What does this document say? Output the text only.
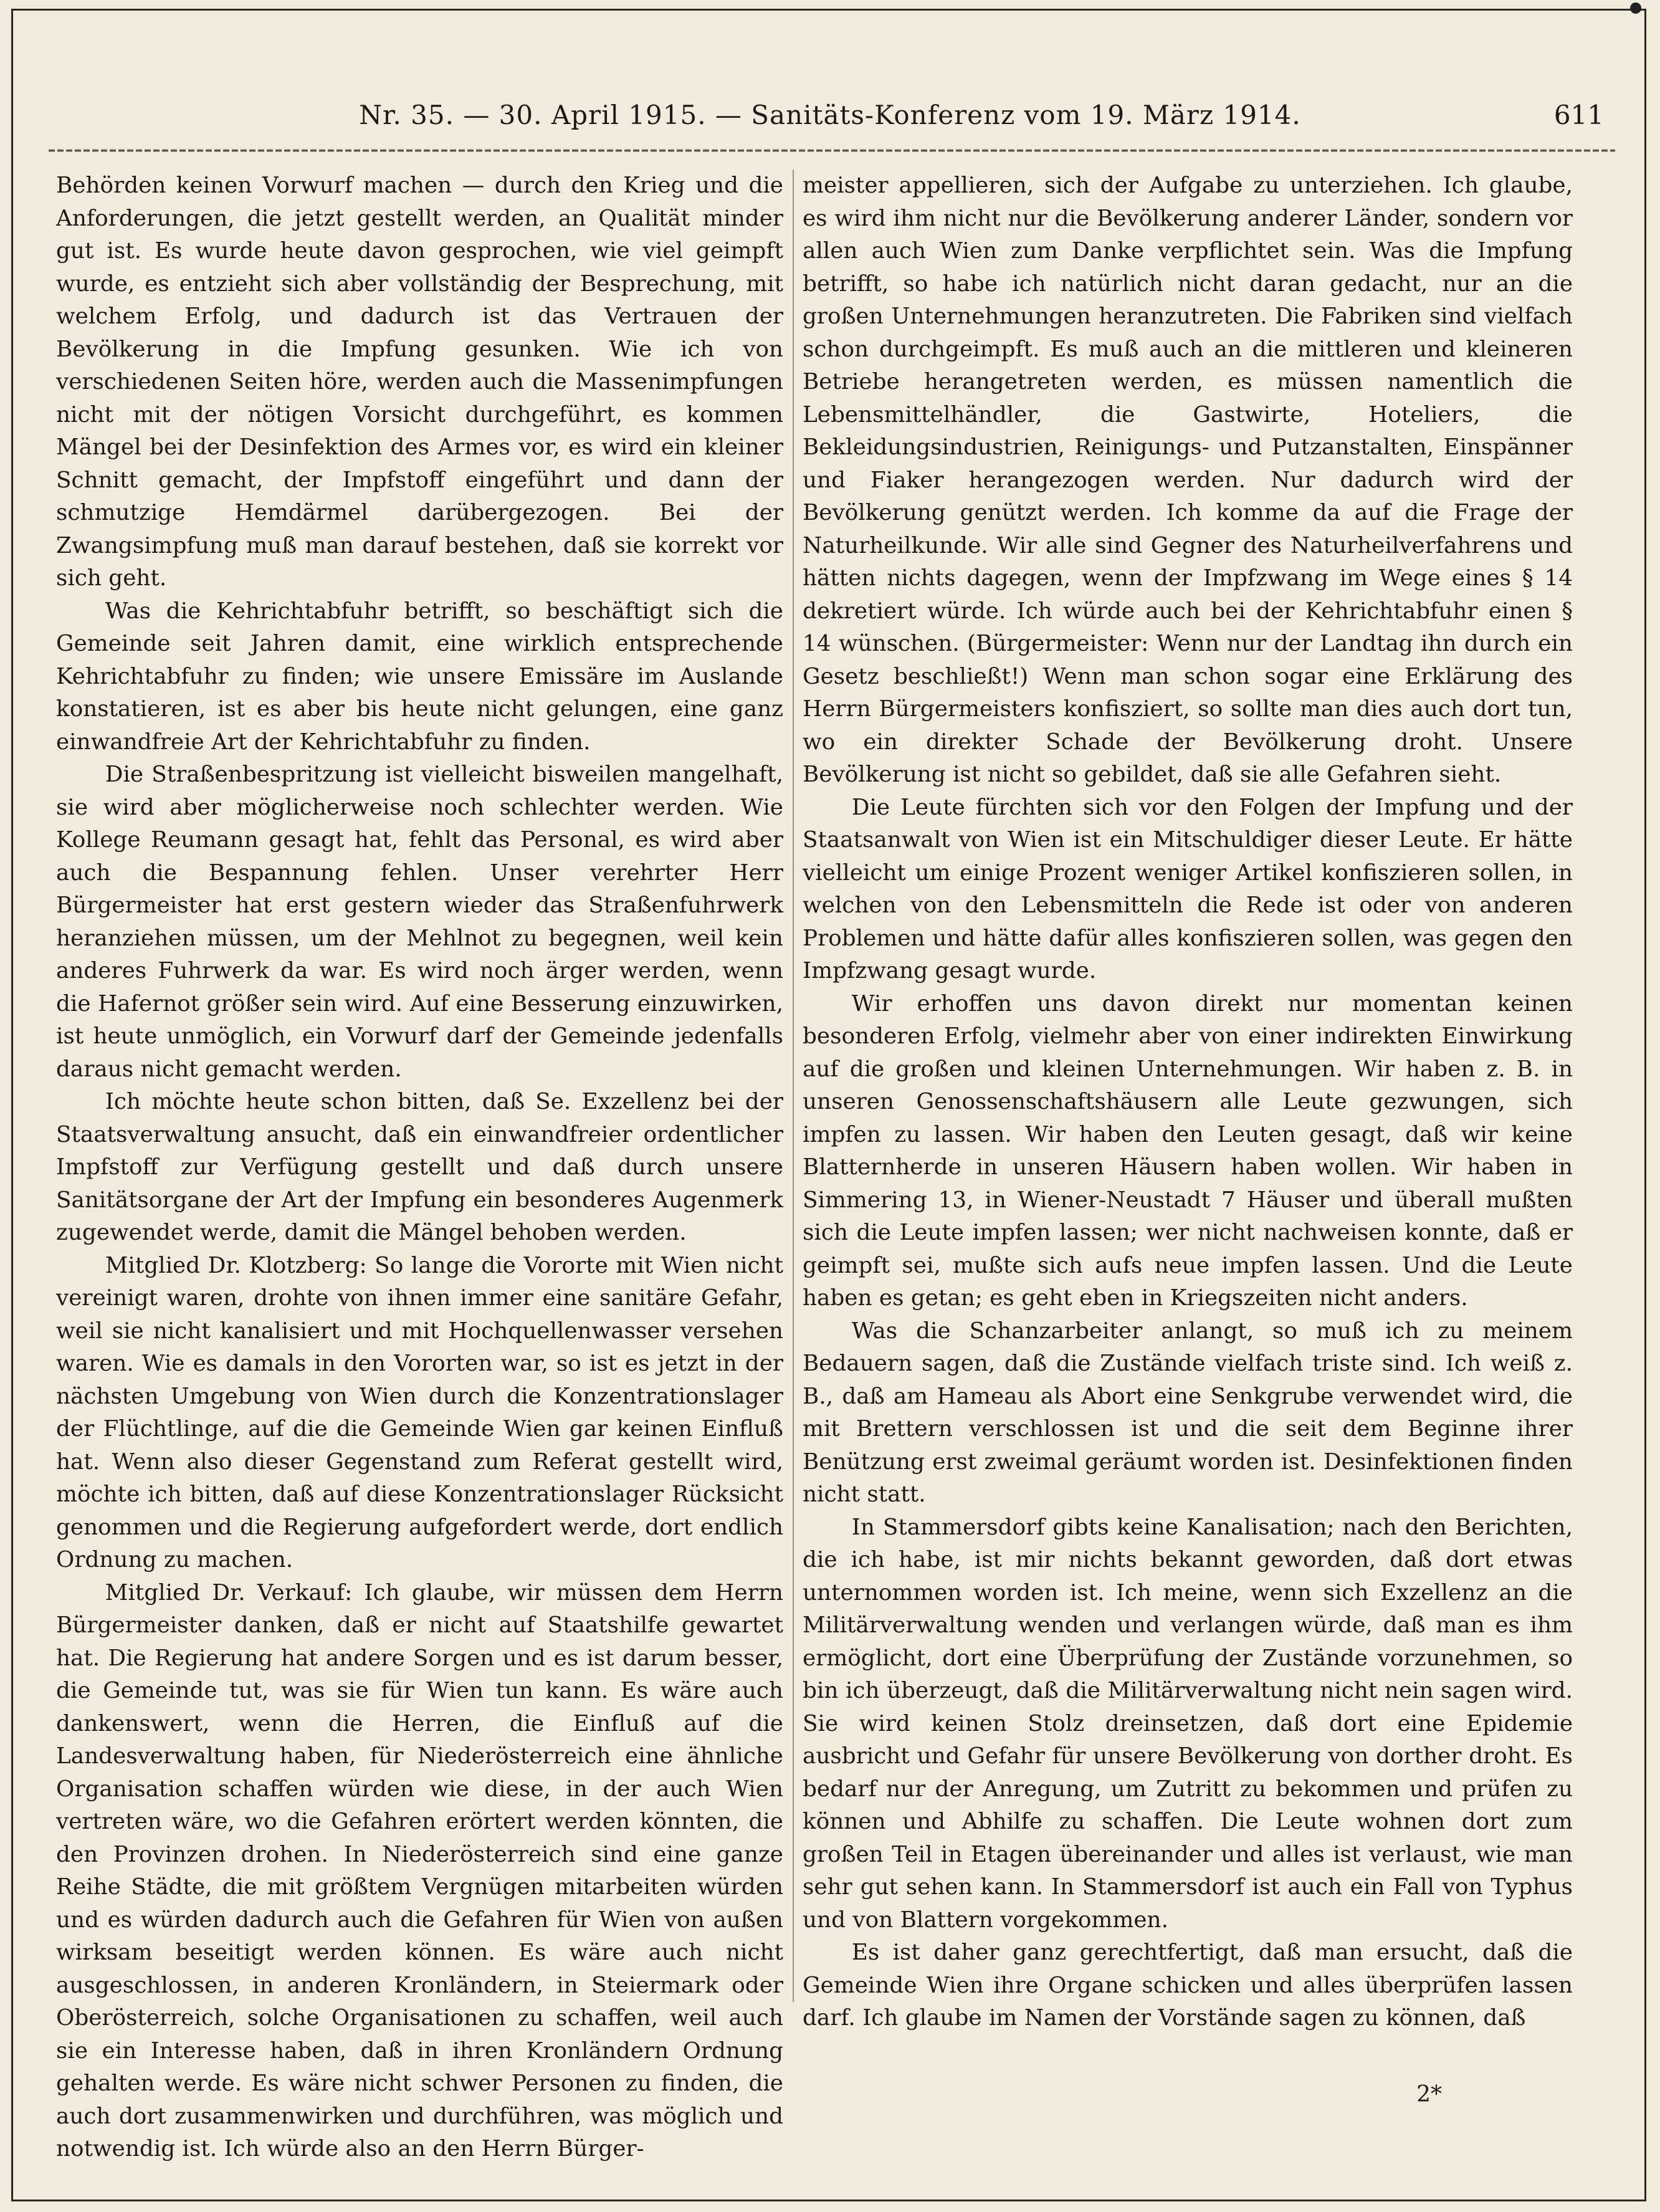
Nr. 35. — 30. April 1915. — Sanitäts-Konferenz vom 19. März 1914.	611

Behörden keinen Vorwurf machen — durch den Krieg und die Anforderungen, die jetzt gestellt werden, an Qualität minder gut ist. Es wurde heute davon gesprochen, wie viel geimpft wurde, es entzieht sich aber vollständig der Besprechung, mit welchem Erfolg, und dadurch ist das Vertrauen der Bevölkerung in die Impfung gesunken. Wie ich von verschiedenen Seiten höre, werden auch die Massenimpfungen nicht mit der nötigen Vorsicht durchgeführt, es kommen Mängel bei der Desinfektion des Armes vor, es wird ein kleiner Schnitt gemacht, der Impfstoff eingeführt und dann der schmutzige Hemdärmel darübergezogen. Bei der Zwangsimpfung muß man darauf bestehen, daß sie korrekt vor sich geht.

Was die Kehrichtabfuhr betrifft, so beschäftigt sich die Gemeinde seit Jahren damit, eine wirklich entsprechende Kehrichtabfuhr zu finden; wie unsere Emissäre im Auslande konstatieren, ist es aber bis heute nicht gelungen, eine ganz einwandfreie Art der Kehrichtabfuhr zu finden.

Die Straßenbespritzung ist vielleicht bisweilen mangelhaft, sie wird aber möglicherweise noch schlechter werden. Wie Kollege Reumann gesagt hat, fehlt das Personal, es wird aber auch die Bespannung fehlen. Unser verehrter Herr Bürgermeister hat erst gestern wieder das Straßenfuhrwerk heranziehen müssen, um der Mehlnot zu begegnen, weil kein anderes Fuhrwerk da war. Es wird noch ärger werden, wenn die Hafernot größer sein wird. Auf eine Besserung einzuwirken, ist heute unmöglich, ein Vorwurf darf der Gemeinde jedenfalls daraus nicht gemacht werden.

Ich möchte heute schon bitten, daß Se. Exzellenz bei der Staatsverwaltung ansucht, daß ein einwandfreier ordentlicher Impfstoff zur Verfügung gestellt und daß durch unsere Sanitätsorgane der Art der Impfung ein besonderes Augenmerk zugewendet werde, damit die Mängel behoben werden.

Mitglied Dr. Klotzberg: So lange die Vororte mit Wien nicht vereinigt waren, drohte von ihnen immer eine sanitäre Gefahr, weil sie nicht kanalisiert und mit Hochquellenwasser versehen waren. Wie es damals in den Vororten war, so ist es jetzt in der nächsten Umgebung von Wien durch die Konzentrationslager der Flüchtlinge, auf die die Gemeinde Wien gar keinen Einfluß hat. Wenn also dieser Gegenstand zum Referat gestellt wird, möchte ich bitten, daß auf diese Konzentrationslager Rücksicht genommen und die Regierung aufgefordert werde, dort endlich Ordnung zu machen.

Mitglied Dr. Verkauf: Ich glaube, wir müssen dem Herrn Bürgermeister danken, daß er nicht auf Staatshilfe gewartet hat. Die Regierung hat andere Sorgen und es ist darum besser, die Gemeinde tut, was sie für Wien tun kann. Es wäre auch dankenswert, wenn die Herren, die Einfluß auf die Landesverwaltung haben, für Niederösterreich eine ähnliche Organisation schaffen würden wie diese, in der auch Wien vertreten wäre, wo die Gefahren erörtert werden könnten, die den Provinzen drohen. In Niederösterreich sind eine ganze Reihe Städte, die mit größtem Vergnügen mitarbeiten würden und es würden dadurch auch die Gefahren für Wien von außen wirksam beseitigt werden können. Es wäre auch nicht ausgeschlossen, in anderen Kronländern, in Steiermark oder Oberösterreich, solche Organisationen zu schaffen, weil auch sie ein Interesse haben, daß in ihren Kronländern Ordnung gehalten werde. Es wäre nicht schwer Personen zu finden, die auch dort zusammenwirken und durchführen, was möglich und notwendig ist. Ich würde also an den Herrn Bürger-

meister appellieren, sich der Aufgabe zu unterziehen. Ich glaube, es wird ihm nicht nur die Bevölkerung anderer Länder, sondern vor allen auch Wien zum Danke verpflichtet sein. Was die Impfung betrifft, so habe ich natürlich nicht daran gedacht, nur an die großen Unternehmungen heranzutreten. Die Fabriken sind vielfach schon durchgeimpft. Es muß auch an die mittleren und kleineren Betriebe herangetreten werden, es müssen namentlich die Lebensmittelhändler, die Gastwirte, Hoteliers, die Bekleidungsindustrien, Reinigungs- und Putzanstalten, Einspänner und Fiaker herangezogen werden. Nur dadurch wird der Bevölkerung genützt werden. Ich komme da auf die Frage der Naturheilkunde. Wir alle sind Gegner des Naturheilverfahrens und hätten nichts dagegen, wenn der Impfzwang im Wege eines § 14 dekretiert würde. Ich würde auch bei der Kehrichtabfuhr einen § 14 wünschen. (Bürgermeister: Wenn nur der Landtag ihn durch ein Gesetz beschließt!) Wenn man schon sogar eine Erklärung des Herrn Bürgermeisters konfisziert, so sollte man dies auch dort tun, wo ein direkter Schade der Bevölkerung droht. Unsere Bevölkerung ist nicht so gebildet, daß sie alle Gefahren sieht.

Die Leute fürchten sich vor den Folgen der Impfung und der Staatsanwalt von Wien ist ein Mitschuldiger dieser Leute. Er hätte vielleicht um einige Prozent weniger Artikel konfiszieren sollen, in welchen von den Lebensmitteln die Rede ist oder von anderen Problemen und hätte dafür alles konfiszieren sollen, was gegen den Impfzwang gesagt wurde.

Wir erhoffen uns davon direkt nur momentan keinen besonderen Erfolg, vielmehr aber von einer indirekten Einwirkung auf die großen und kleinen Unternehmungen. Wir haben z. B. in unseren Genossenschaftshäusern alle Leute gezwungen, sich impfen zu lassen. Wir haben den Leuten gesagt, daß wir keine Blatternherde in unseren Häusern haben wollen. Wir haben in Simmering 13, in Wiener-Neustadt 7 Häuser und überall mußten sich die Leute impfen lassen; wer nicht nachweisen konnte, daß er geimpft sei, mußte sich aufs neue impfen lassen. Und die Leute haben es getan; es geht eben in Kriegszeiten nicht anders.

Was die Schanzarbeiter anlangt, so muß ich zu meinem Bedauern sagen, daß die Zustände vielfach triste sind. Ich weiß z. B., daß am Hameau als Abort eine Senkgrube verwendet wird, die mit Brettern verschlossen ist und die seit dem Beginne ihrer Benützung erst zweimal geräumt worden ist. Desinfektionen finden nicht statt.

In Stammersdorf gibts keine Kanalisation; nach den Berichten, die ich habe, ist mir nichts bekannt geworden, daß dort etwas unternommen worden ist. Ich meine, wenn sich Exzellenz an die Militärverwaltung wenden und verlangen würde, daß man es ihm ermöglicht, dort eine Überprüfung der Zustände vorzunehmen, so bin ich überzeugt, daß die Militärverwaltung nicht nein sagen wird. Sie wird keinen Stolz dreinsetzen, daß dort eine Epidemie ausbricht und Gefahr für unsere Bevölkerung von dorther droht. Es bedarf nur der Anregung, um Zutritt zu bekommen und prüfen zu können und Abhilfe zu schaffen. Die Leute wohnen dort zum großen Teil in Etagen übereinander und alles ist verlaust, wie man sehr gut sehen kann. In Stammersdorf ist auch ein Fall von Typhus und von Blattern vorgekommen.

Es ist daher ganz gerechtfertigt, daß man ersucht, daß die Gemeinde Wien ihre Organe schicken und alles überprüfen lassen darf. Ich glaube im Namen der Vorstände sagen zu können, daß

2*
